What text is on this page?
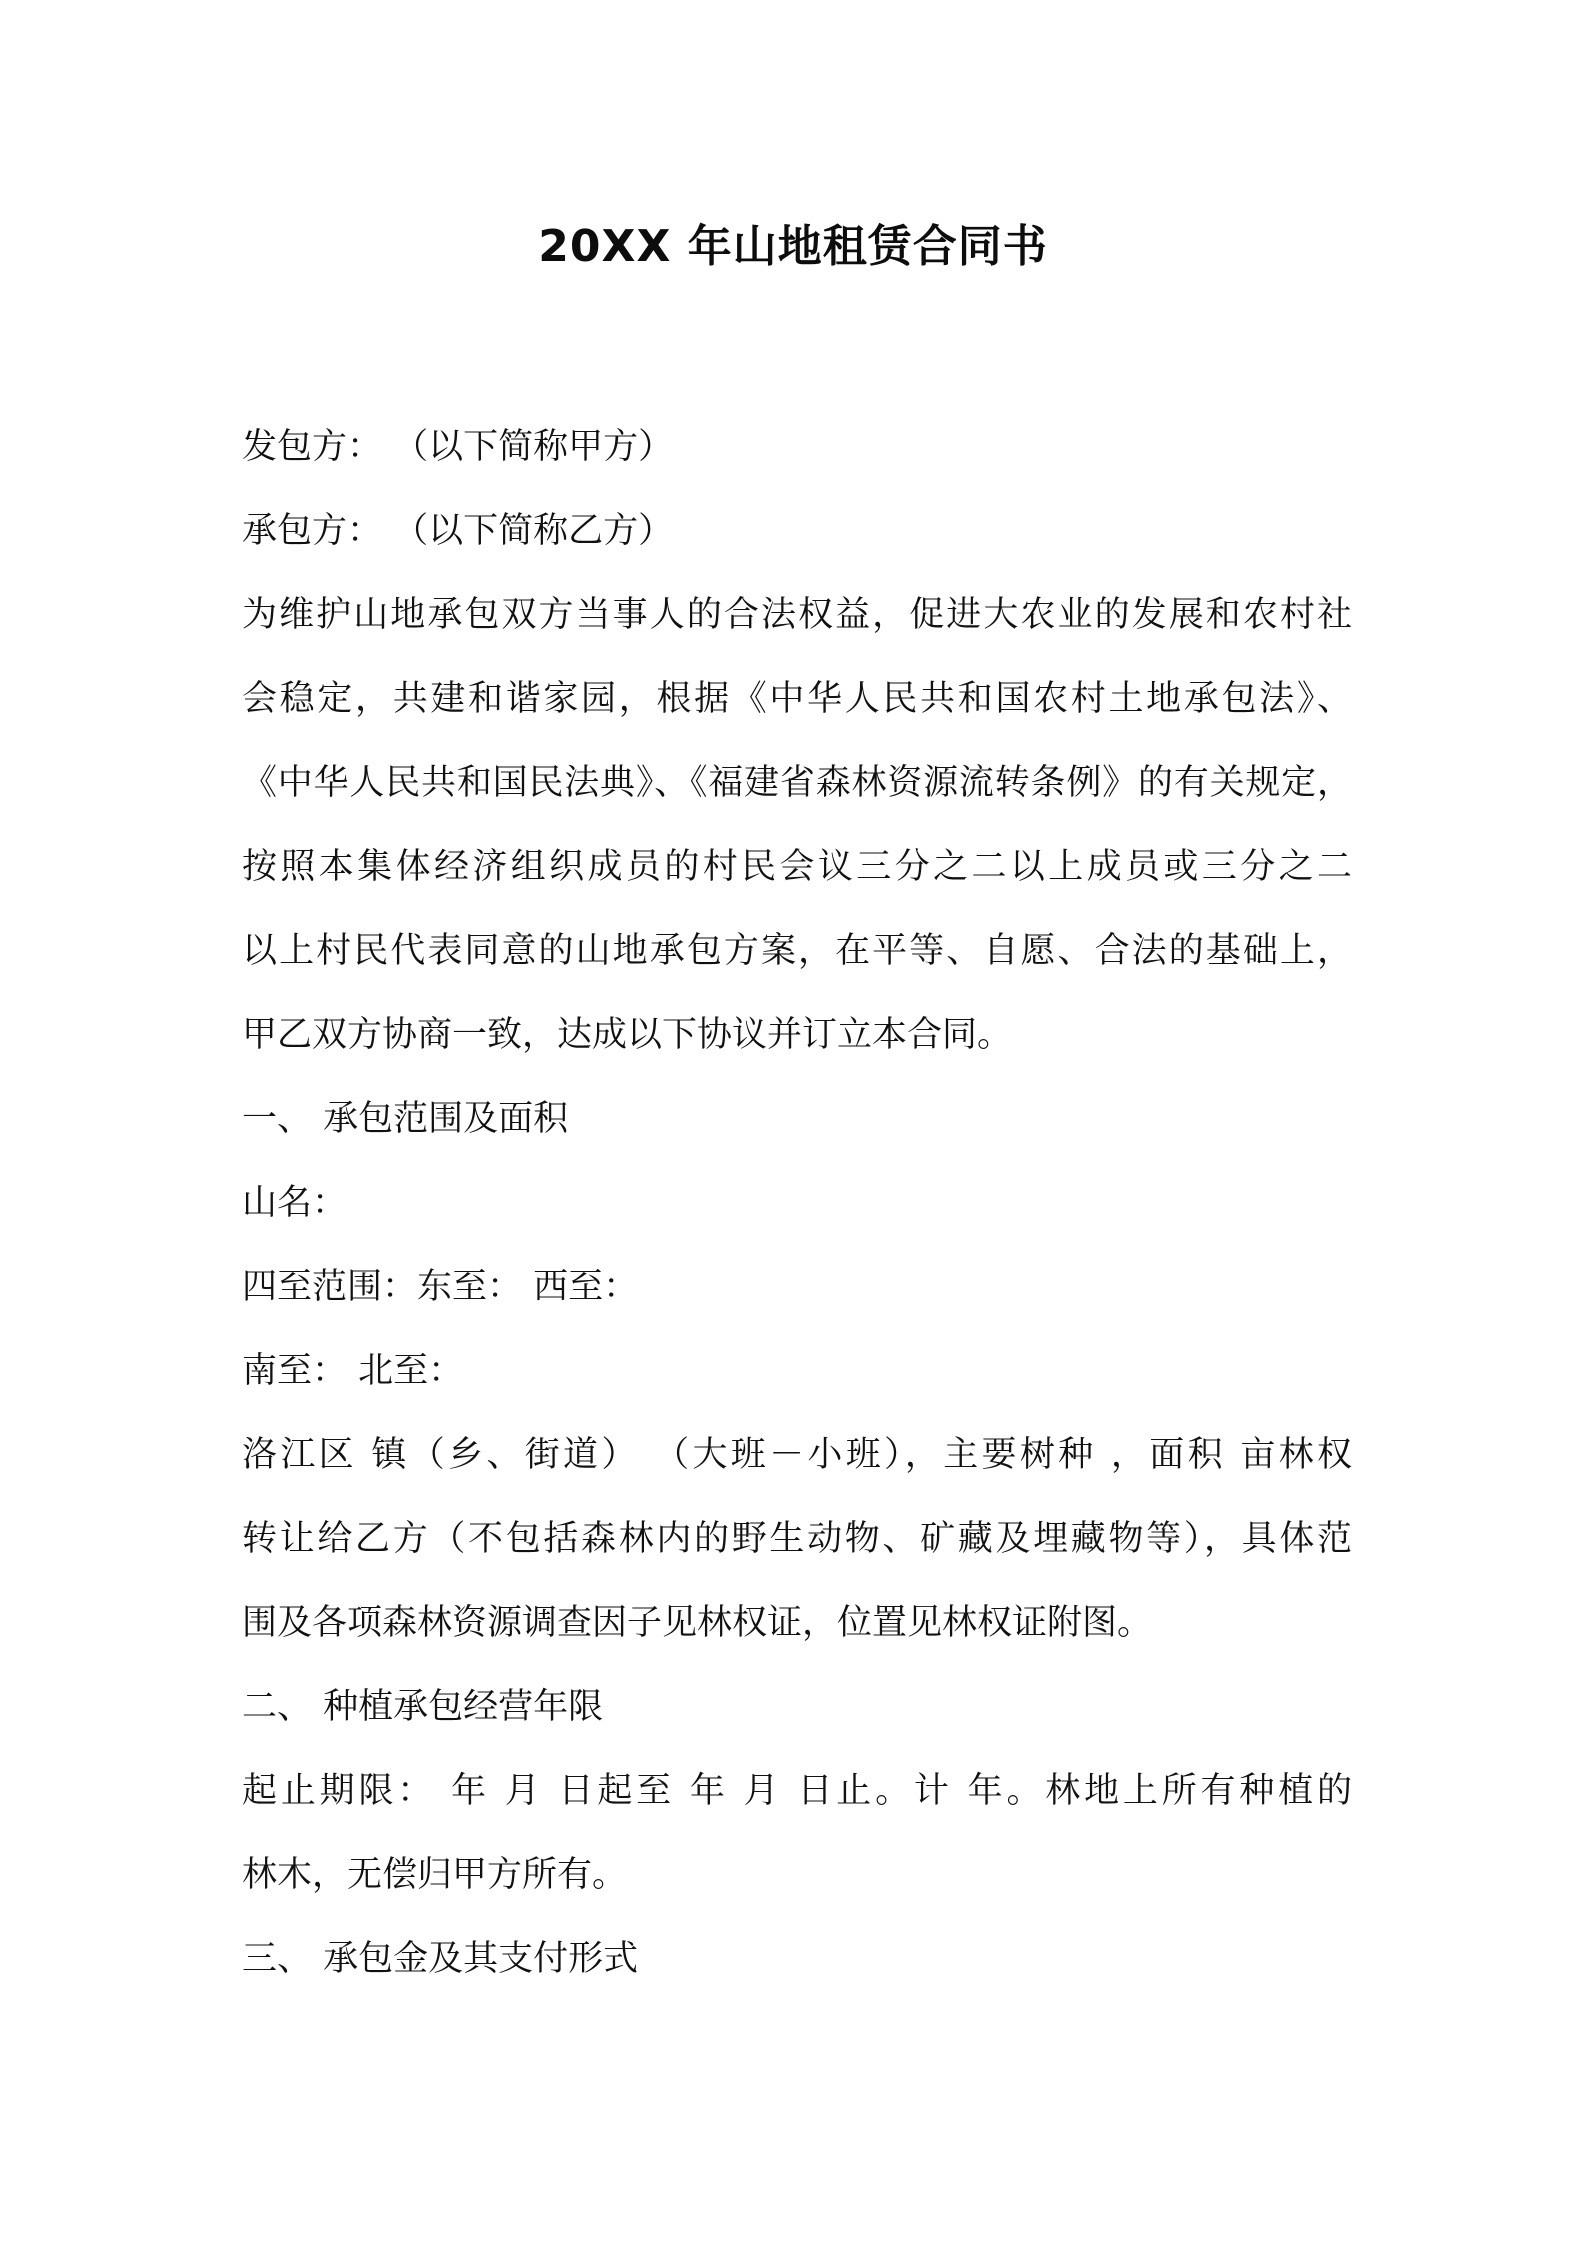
20XX 年山地租赁合同书
发包方： （以下简称甲方）
承包方： （以下简称乙方）
为维护山地承包双方当事人的合法权益，促进大农业的发展和农村社
会稳定，共建和谐家园，根据《中华人民共和国农村土地承包法》、
《中华人民共和国民法典》、《福建省森林资源流转条例》的有关规定，
按照本集体经济组织成员的村民会议三分之二以上成员或三分之二
以上村民代表同意的山地承包方案，在平等、自愿、合法的基础上，
甲乙双方协商一致，达成以下协议并订立本合同。
一、 承包范围及面积
山名：
四至范围：东至： 西至：
南至： 北至：
洛江区 镇（乡、街道） （大班－小班），主要树种 ，面积 亩林权
转让给乙方（不包括森林内的野生动物、矿藏及埋藏物等），具体范
围及各项森林资源调查因子见林权证，位置见林权证附图。
二、 种植承包经营年限
起止期限： 年 月 日起至 年 月 日止。计 年。林地上所有种植的
林木，无偿归甲方所有。
三、 承包金及其支付形式
